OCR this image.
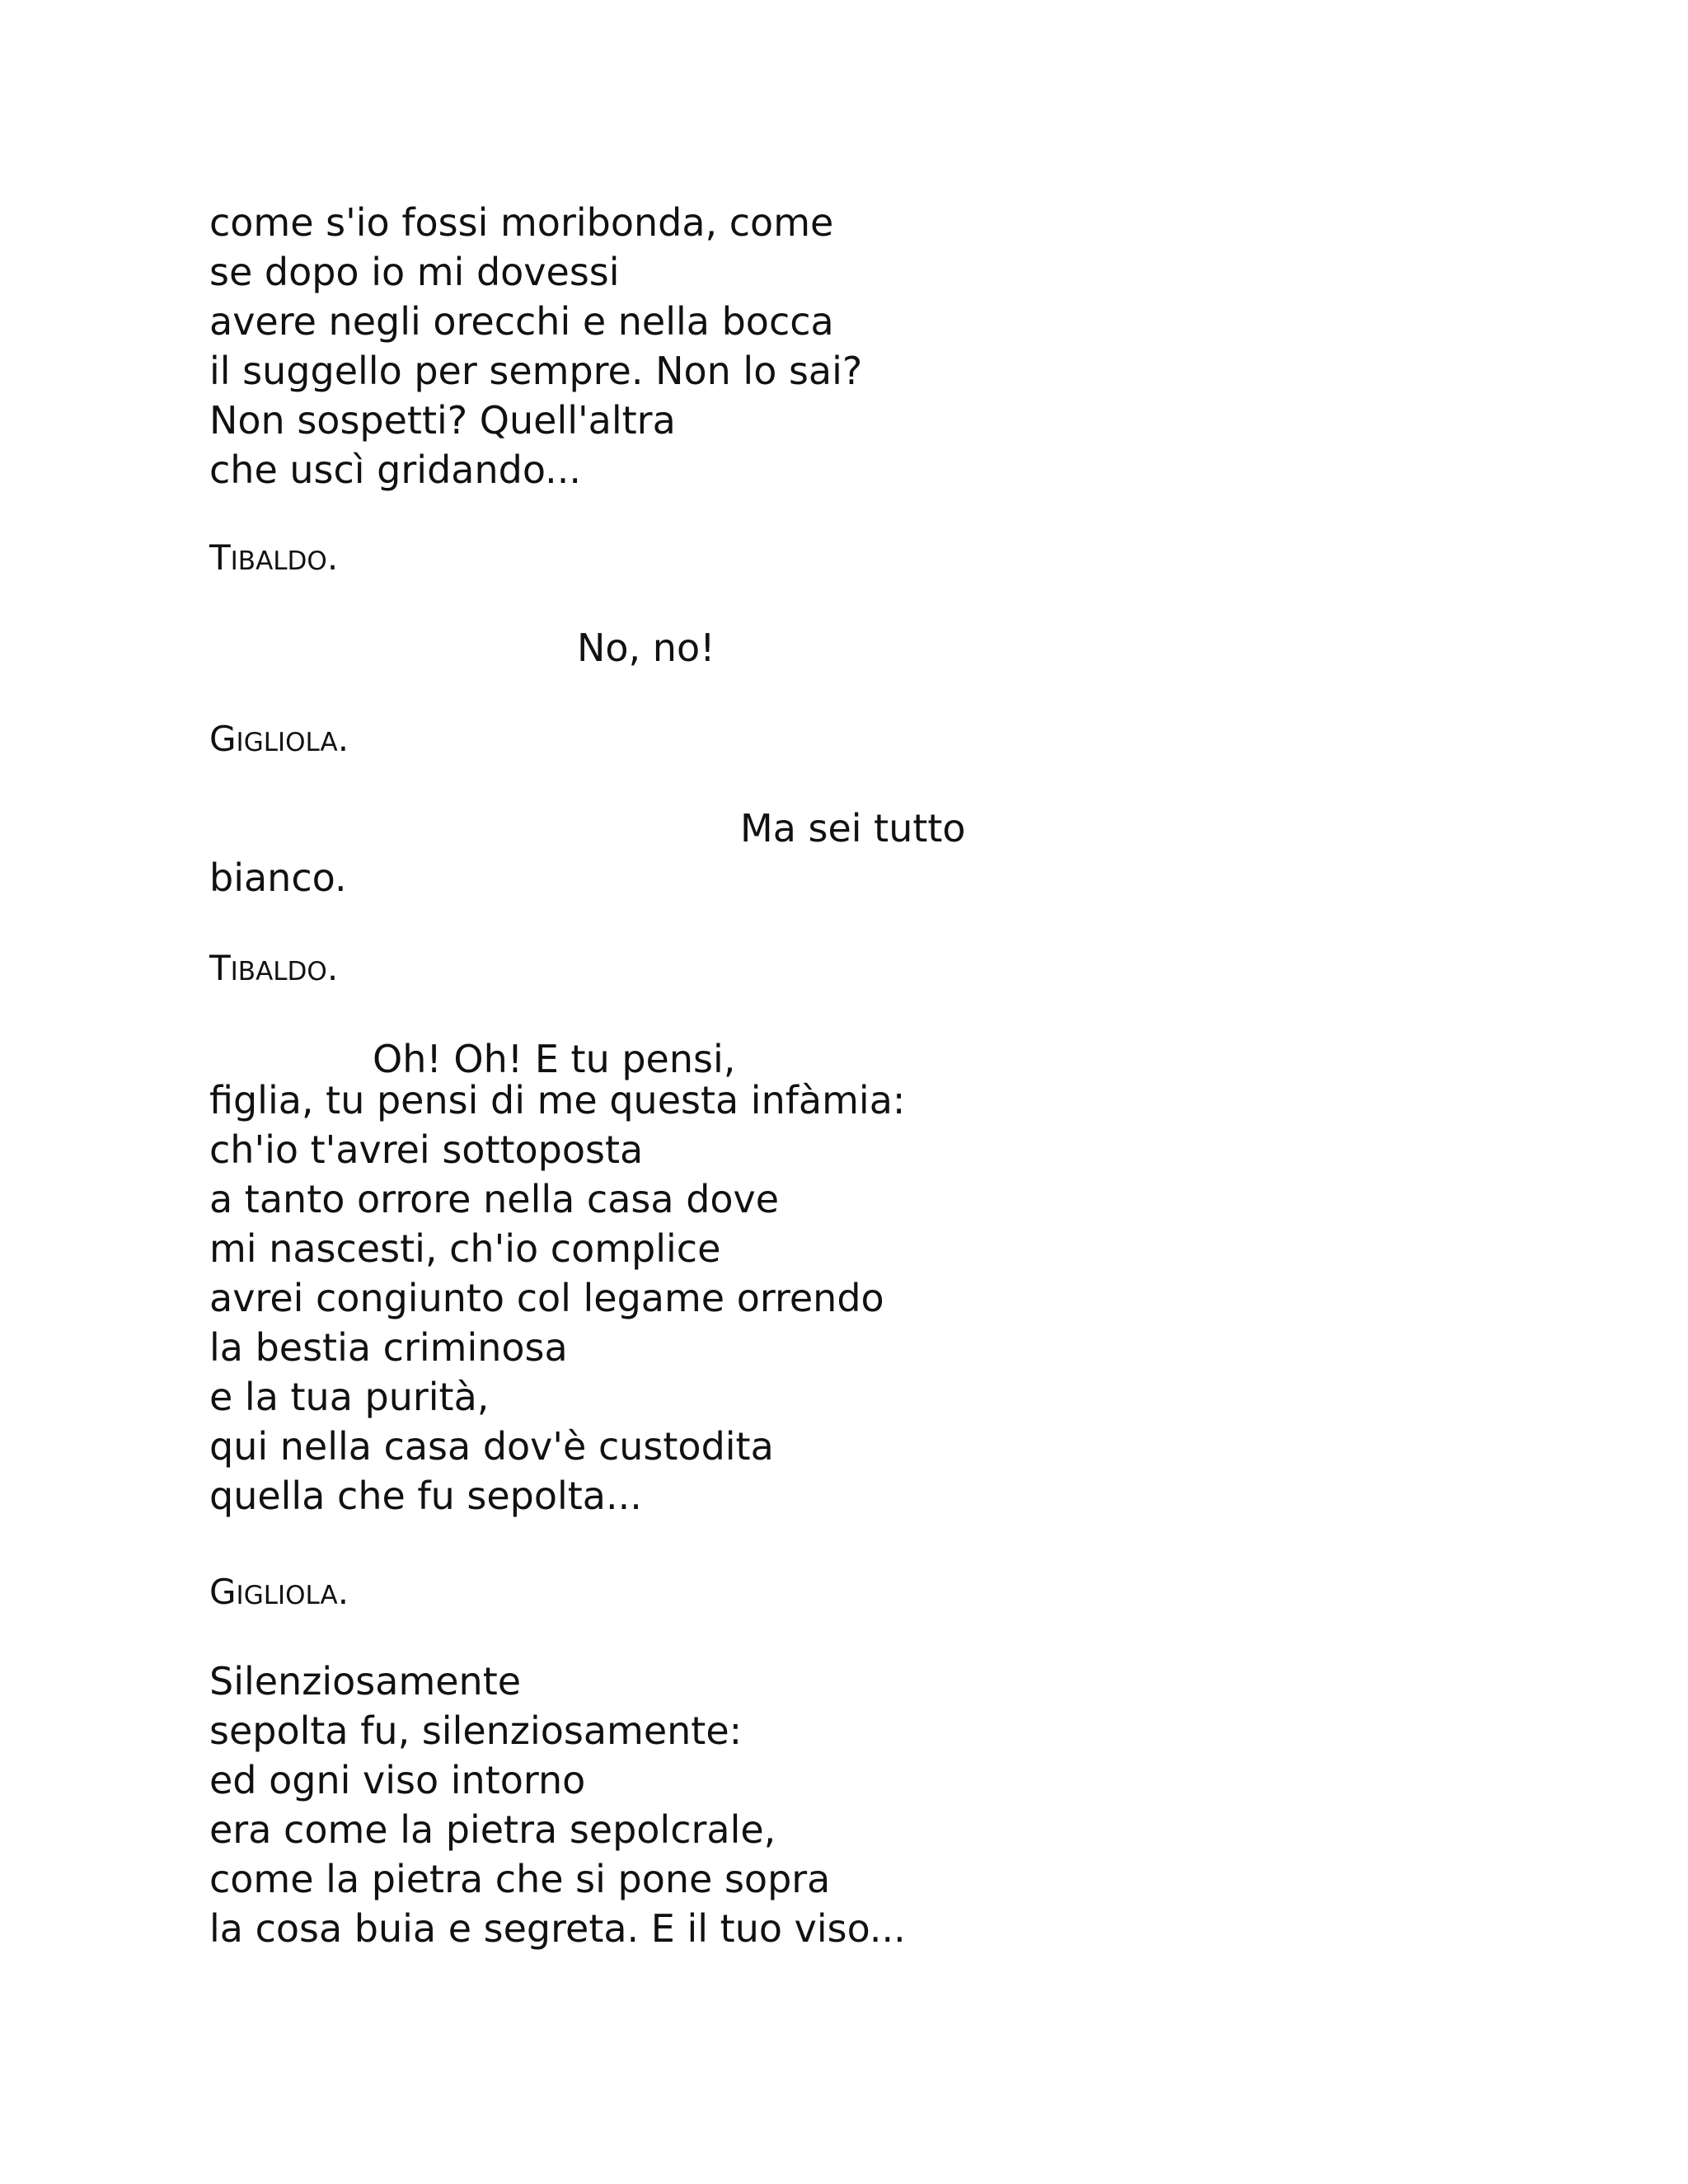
come s'io fossi moribonda, come
se dopo io mi dovessi
avere negli orecchi e nella bocca
il suggello per sempre. Non lo sai?
Non sospetti? Quell'altra
che uscì gridando...
TIBALDO.
No, no!
GIGLIOLA.
Ma sei tutto
bianco.
TIBALDO.
Oh! Oh! E tu pensi,
figlia, tu pensi di me questa infàmia:
ch'io t'avrei sottoposta
a tanto orrore nella casa dove
mi nascesti, ch'io complice
avrei congiunto col legame orrendo
la bestia criminosa
e la tua purità,
qui nella casa dov'è custodita
quella che fu sepolta...
GIGLIOLA.
Silenziosamente
sepolta fu, silenziosamente:
ed ogni viso intorno
era come la pietra sepolcrale,
come la pietra che si pone sopra
la cosa buia e segreta. E il tuo viso...
